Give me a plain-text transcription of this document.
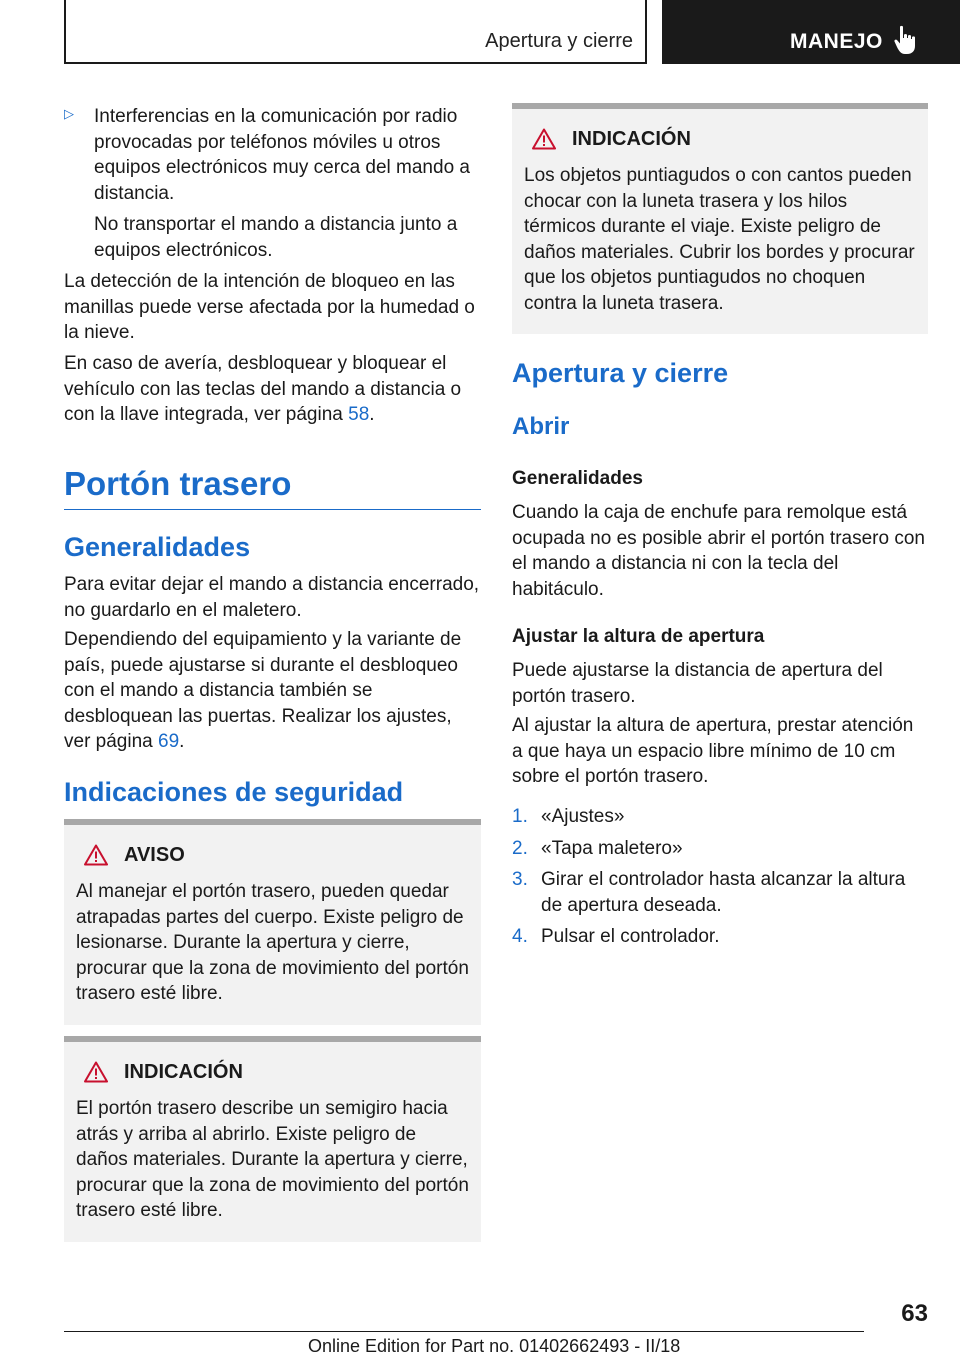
Apertura y cierre	MANEJO
▷	Interferencias en la comunicación por radio provocadas por teléfonos móviles u otros equipos electrónicos muy cerca del mando a distancia.

No transportar el mando a distancia junto a equipos electrónicos.

La detección de la intención de bloqueo en las manillas puede verse afectada por la humedad o la nieve.

En caso de avería, desbloquear y bloquear el vehículo con las teclas del mando a distancia o con la llave integrada, ver página 58.

Portón trasero
Generalidades

Para evitar dejar el mando a distancia encerrado, no guardarlo en el maletero.

Dependiendo del equipamiento y la variante de país, puede ajustarse si durante el desbloqueo con el mando a distancia también se desbloquean las puertas. Realizar los ajustes, ver página 69.

Indicaciones de seguridad
AVISO

Al manejar el portón trasero, pueden quedar atrapadas partes del cuerpo. Existe peligro de lesionarse. Durante la apertura y cierre, procurar que la zona de movimiento del portón trasero esté libre.

INDICACIÓN

El portón trasero describe un semigiro hacia atrás y arriba al abrirlo. Existe peligro de daños materiales. Durante la apertura y cierre, procurar que la zona de movimiento del portón trasero esté libre.

INDICACIÓN

Los objetos puntiagudos o con cantos pueden chocar con la luneta trasera y los hilos térmicos durante el viaje. Existe peligro de daños materiales. Cubrir los bordes y procurar que los objetos puntiagudos no choquen contra la luneta trasera.

Apertura y cierre
Abrir
Generalidades

Cuando la caja de enchufe para remolque está ocupada no es posible abrir el portón trasero con el mando a distancia ni con la tecla del habitáculo.

Ajustar la altura de apertura

Puede ajustarse la distancia de apertura del portón trasero.

Al ajustar la altura de apertura, prestar atención a que haya un espacio libre mínimo de 10 cm sobre el portón trasero.

1. «Ajustes»
2. «Tapa maletero»
3. Girar el controlador hasta alcanzar la altura de apertura deseada.
4. Pulsar el controlador.
63
Online Edition for Part no. 01402662493 - II/18
